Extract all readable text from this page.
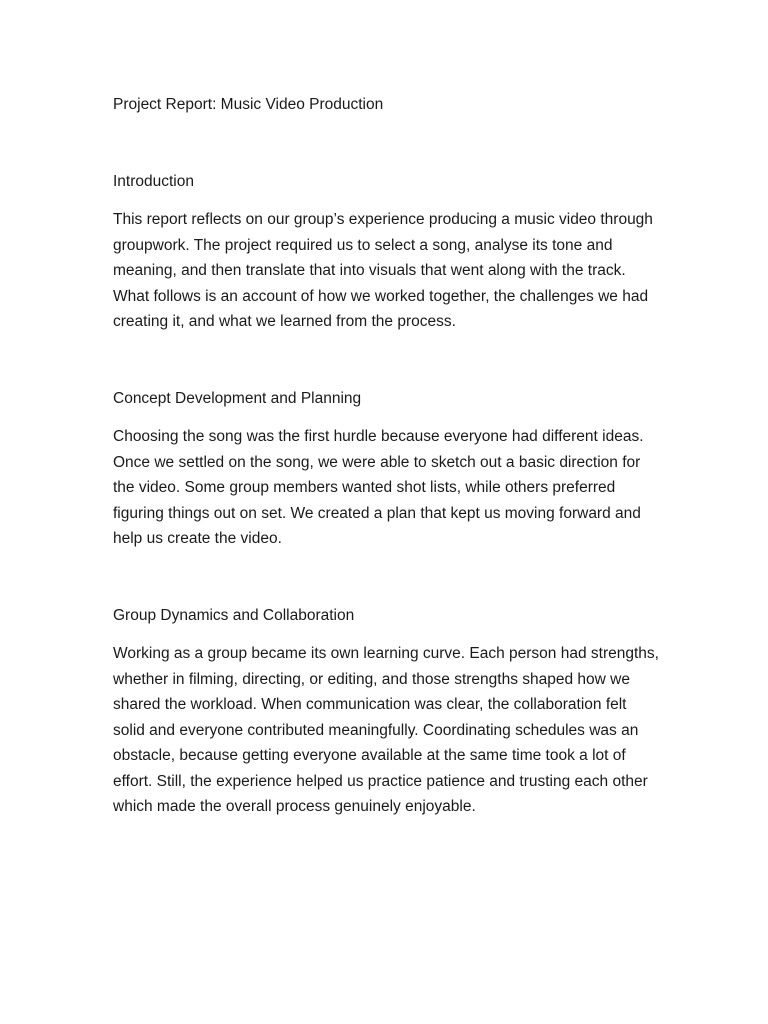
Project Report: Music Video Production

Introduction

This report reflects on our group’s experience producing a music video through groupwork. The project required us to select a song, analyse its tone and meaning, and then translate that into visuals that went along with the track. What follows is an account of how we worked together, the challenges we had creating it, and what we learned from the process.

Concept Development and Planning

Choosing the song was the first hurdle because everyone had different ideas. Once we settled on the song, we were able to sketch out a basic direction for the video. Some group members wanted shot lists, while others preferred figuring things out on set. We created a plan that kept us moving forward and help us create the video.

Group Dynamics and Collaboration

Working as a group became its own learning curve. Each person had strengths, whether in filming, directing, or editing, and those strengths shaped how we shared the workload. When communication was clear, the collaboration felt solid and everyone contributed meaningfully. Coordinating schedules was an obstacle, because getting everyone available at the same time took a lot of effort. Still, the experience helped us practice patience and trusting each other which made the overall process genuinely enjoyable.
